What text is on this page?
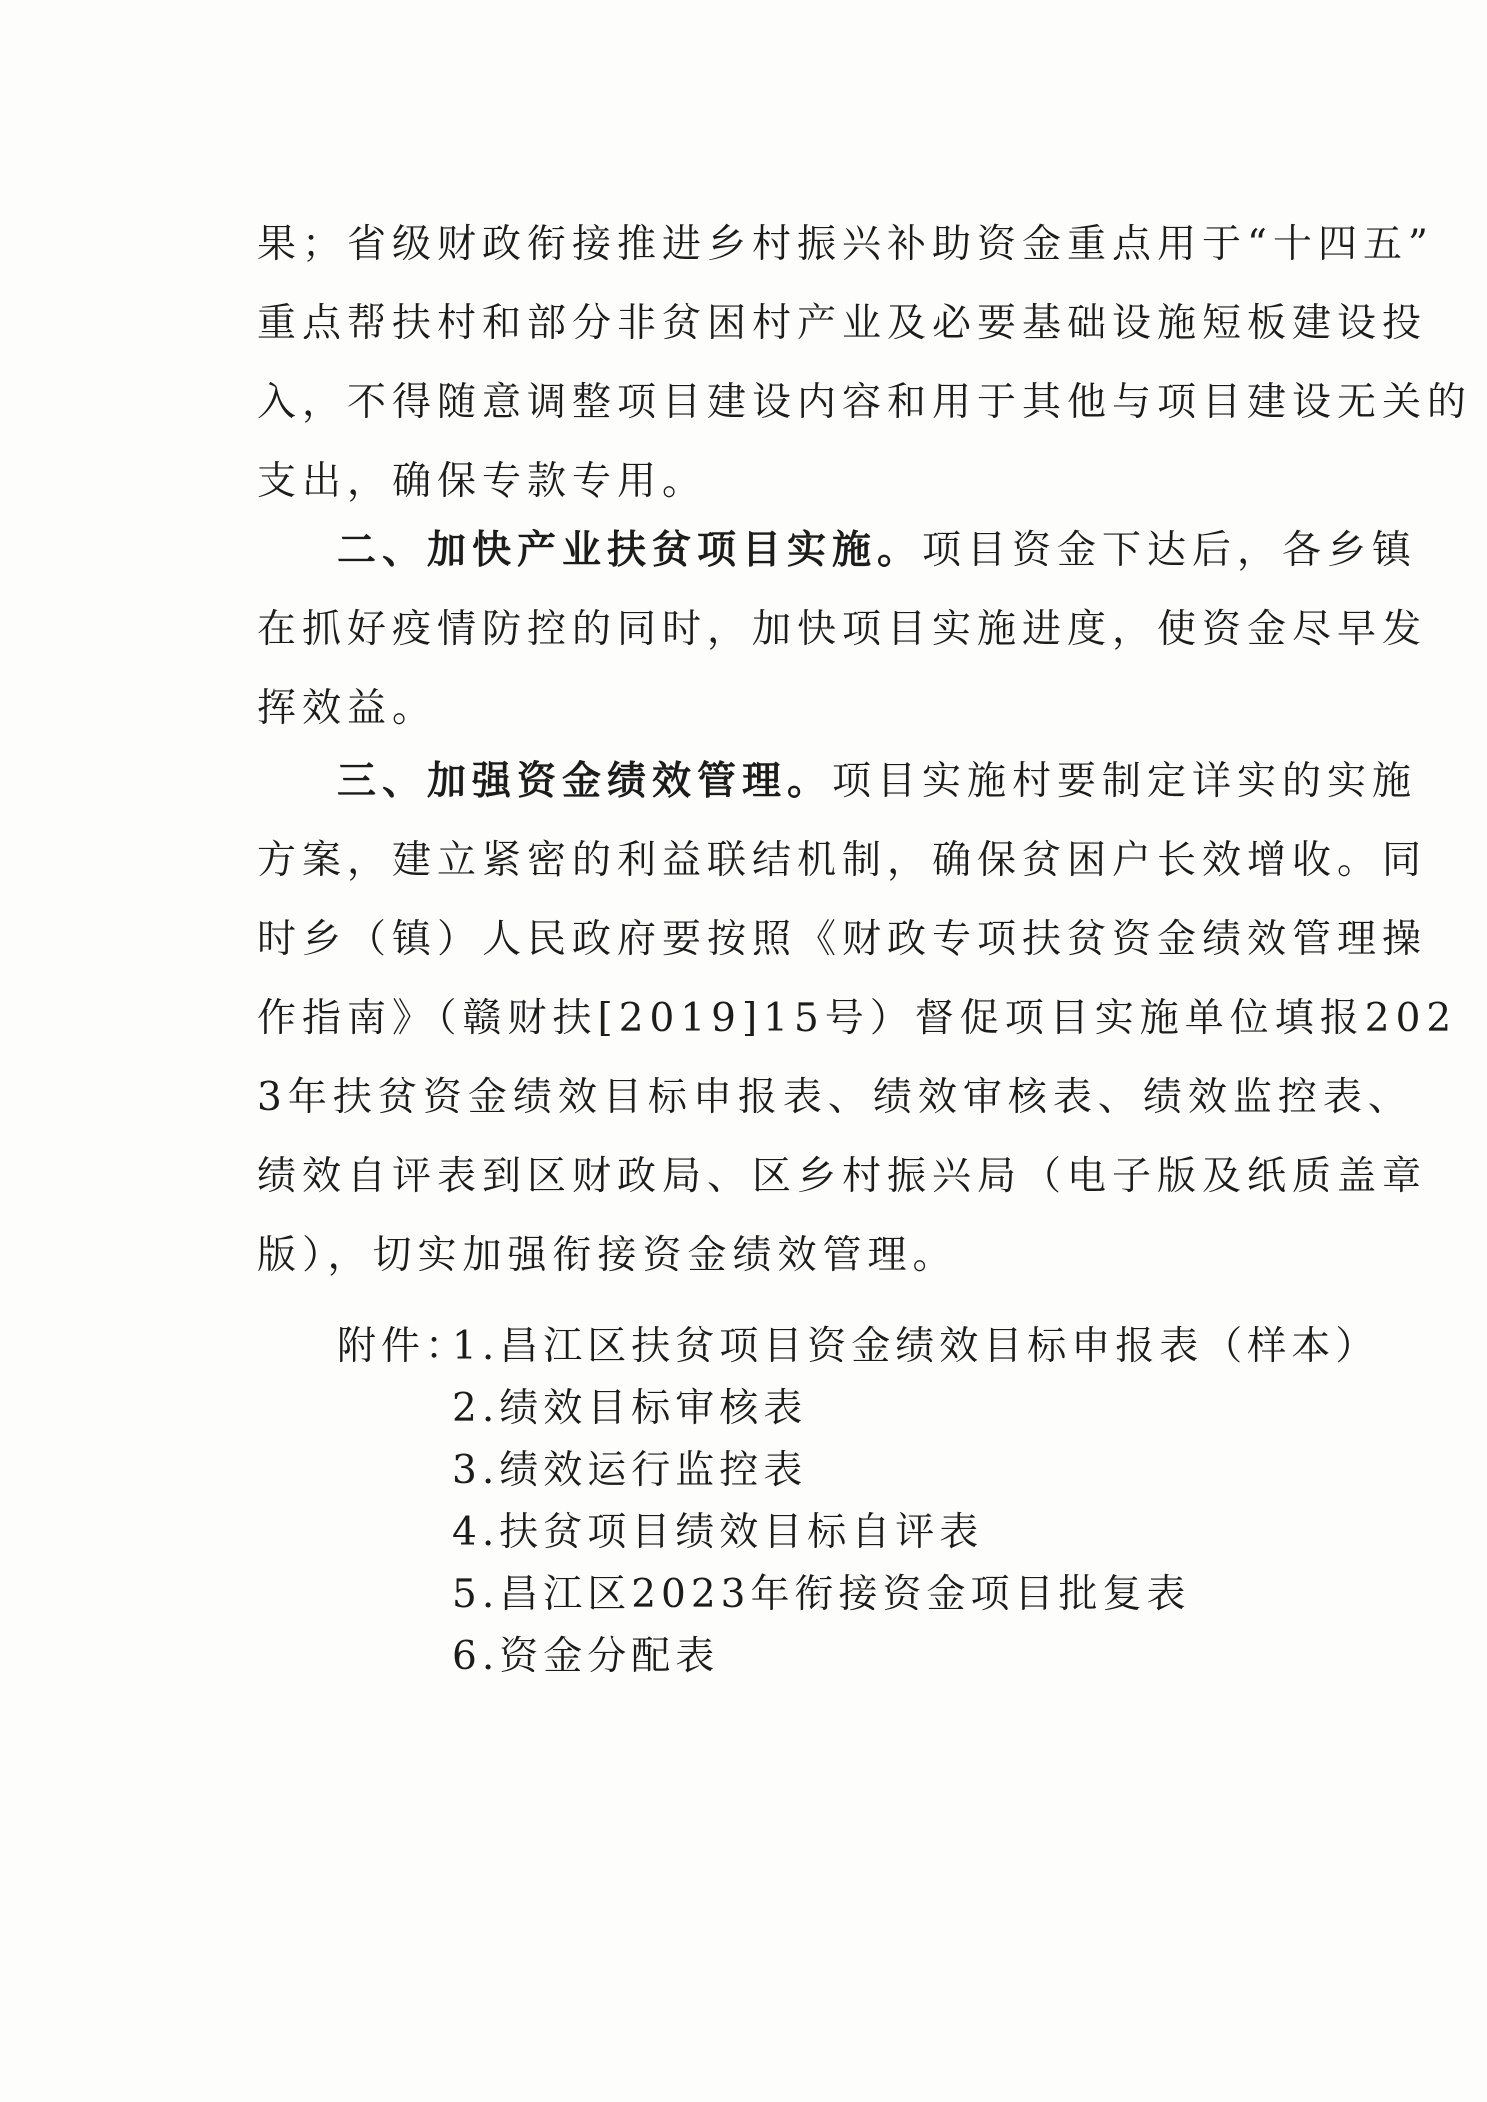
果；省级财政衔接推进乡村振兴补助资金重点用于“十四五”
重点帮扶村和部分非贫困村产业及必要基础设施短板建设投
入，不得随意调整项目建设内容和用于其他与项目建设无关的
支出，确保专款专用。
二、加快产业扶贫项目实施。项目资金下达后，各乡镇
在抓好疫情防控的同时，加快项目实施进度，使资金尽早发
挥效益。
三、加强资金绩效管理。项目实施村要制定详实的实施
方案，建立紧密的利益联结机制，确保贫困户长效增收。同
时乡（镇）人民政府要按照《财政专项扶贫资金绩效管理操
作指南》（赣财扶[2019]15号）督促项目实施单位填报202
3年扶贫资金绩效目标申报表、绩效审核表、绩效监控表、
绩效自评表到区财政局、区乡村振兴局（电子版及纸质盖章
版），切实加强衔接资金绩效管理。
附件：
1.昌江区扶贫项目资金绩效目标申报表（样本）
2.绩效目标审核表
3.绩效运行监控表
4.扶贫项目绩效目标自评表
5.昌江区2023年衔接资金项目批复表
6.资金分配表
